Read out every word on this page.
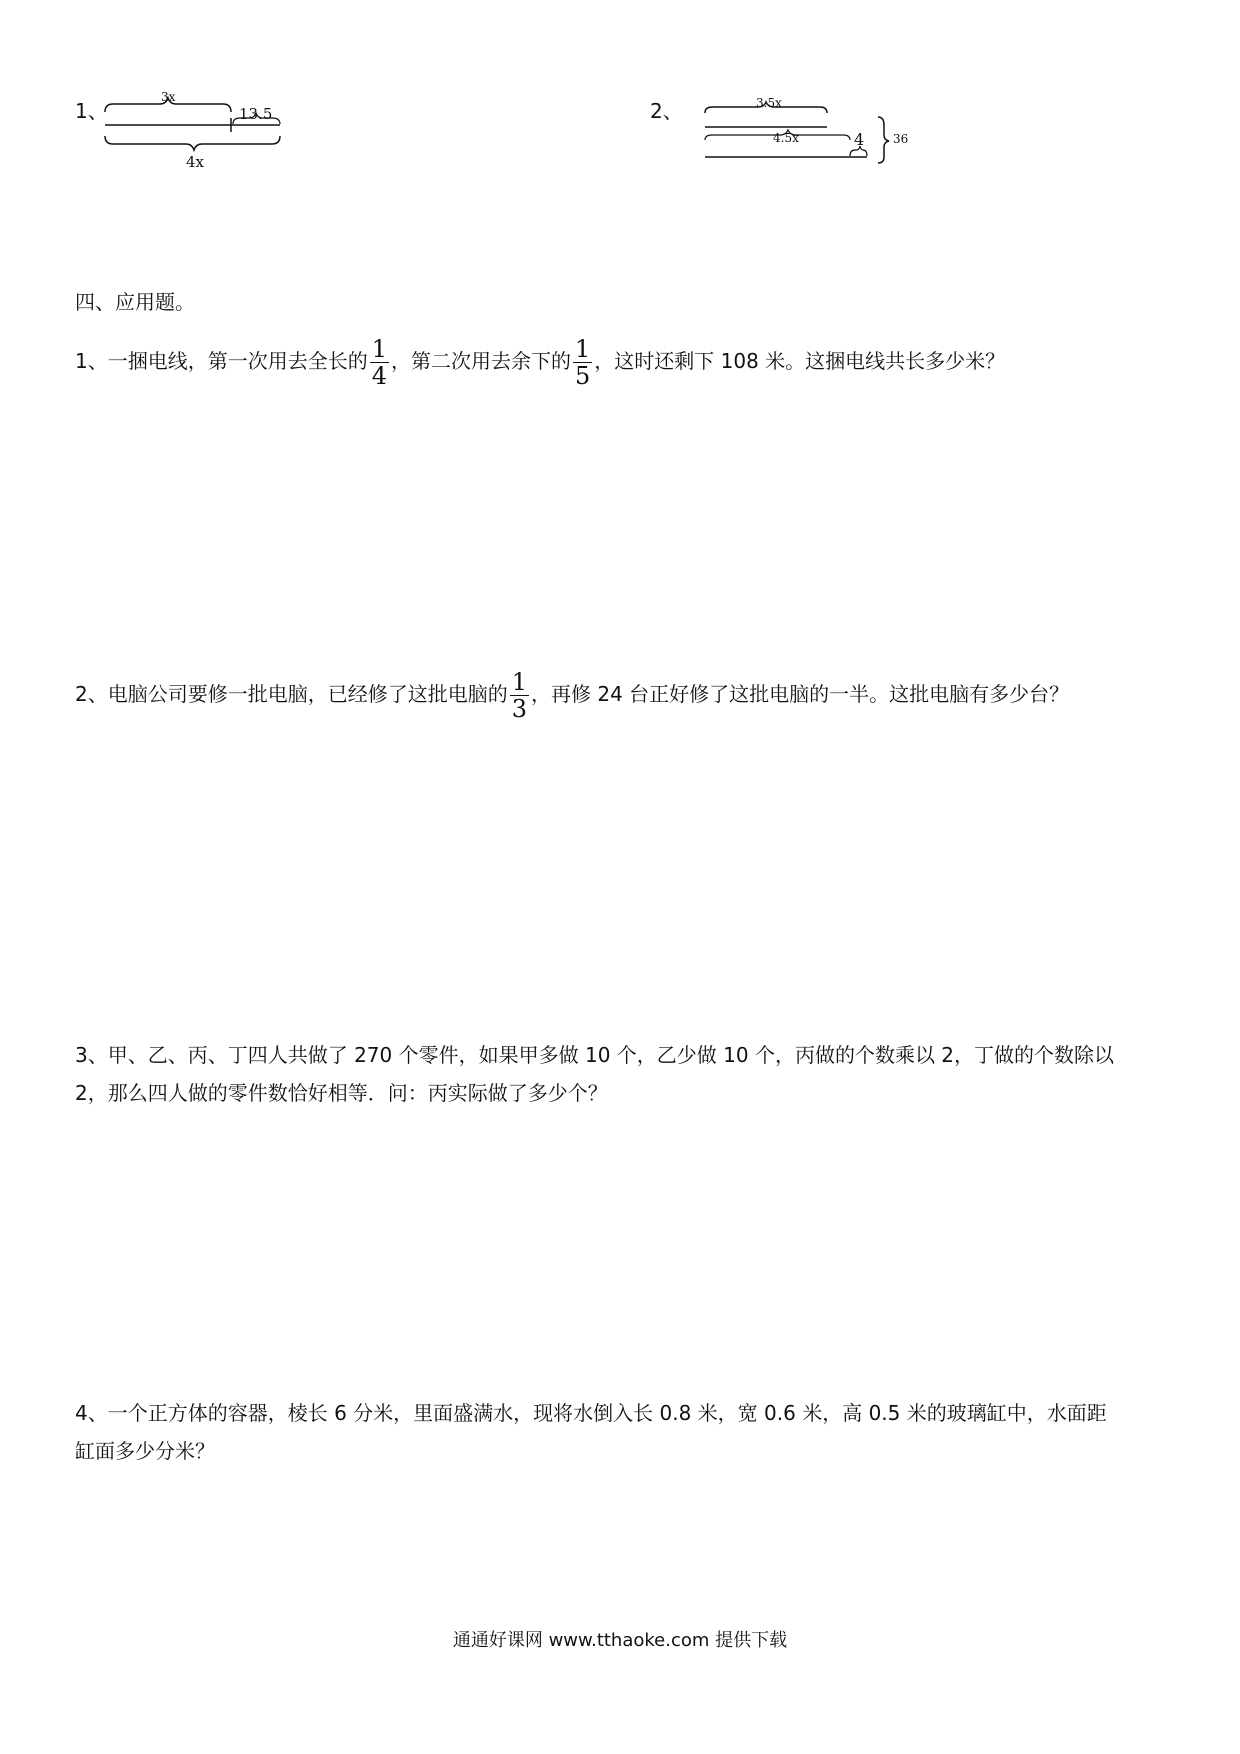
1、
3x
13.5
4x
2、	3.5x
4.5x	4 36
四、应用题。
1、一捆电线，第一次用去全长的 $\frac{1}{4}$ ，第二次用去余下的 $\frac{1}{5}$ ，这时还剩下 108 米。这捆电线共长多少米？
2、电脑公司要修一批电脑，已经修了这批电脑的 $\frac{1}{3}$ ，再修 24 台正好修了这批电脑的一半。这批电脑有多少台？
3、甲、乙、丙、丁四人共做了 270 个零件，如果甲多做 10 个，乙少做 10 个，丙做的个数乘以 2，丁做的个数除以
2，那么四人做的零件数恰好相等．问：丙实际做了多少个？
4、一个正方体的容器，棱长 6 分米，里面盛满水，现将水倒入长 0.8 米，宽 0.6 米，高 0.5 米的玻璃缸中，水面距
缸面多少分米？
通通好课网 www.tthaoke.com 提供下载
